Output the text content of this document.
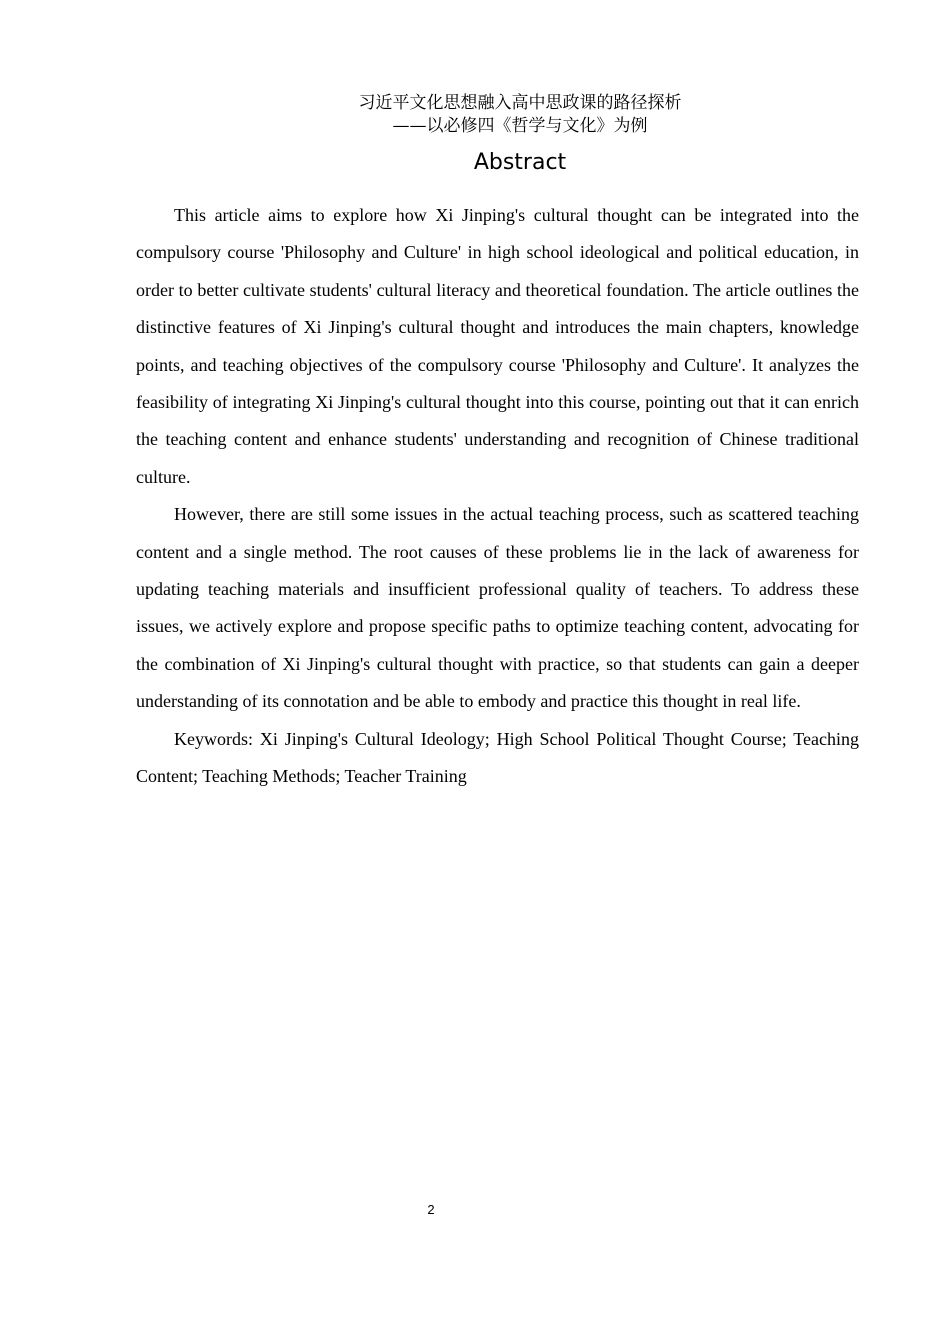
习近平文化思想融入高中思政课的路径探析
——以必修四《哲学与文化》为例
Abstract

This article aims to explore how Xi Jinping's cultural thought can be integrated into the compulsory course 'Philosophy and Culture' in high school ideological and political education, in order to better cultivate students' cultural literacy and theoretical foundation. The article outlines the distinctive features of Xi Jinping's cultural thought and introduces the main chapters, knowledge points, and teaching objectives of the compulsory course 'Philosophy and Culture'. It analyzes the feasibility of integrating Xi Jinping's cultural thought into this course, pointing out that it can enrich the teaching content and enhance students' understanding and recognition of Chinese traditional culture.

However, there are still some issues in the actual teaching process, such as scattered teaching content and a single method. The root causes of these problems lie in the lack of awareness for updating teaching materials and insufficient professional quality of teachers. To address these issues, we actively explore and propose specific paths to optimize teaching content, advocating for the combination of Xi Jinping's cultural thought with practice, so that students can gain a deeper understanding of its connotation and be able to embody and practice this thought in real life.

Keywords: Xi Jinping's Cultural Ideology; High School Political Thought Course; Teaching Content; Teaching Methods; Teacher Training

2
